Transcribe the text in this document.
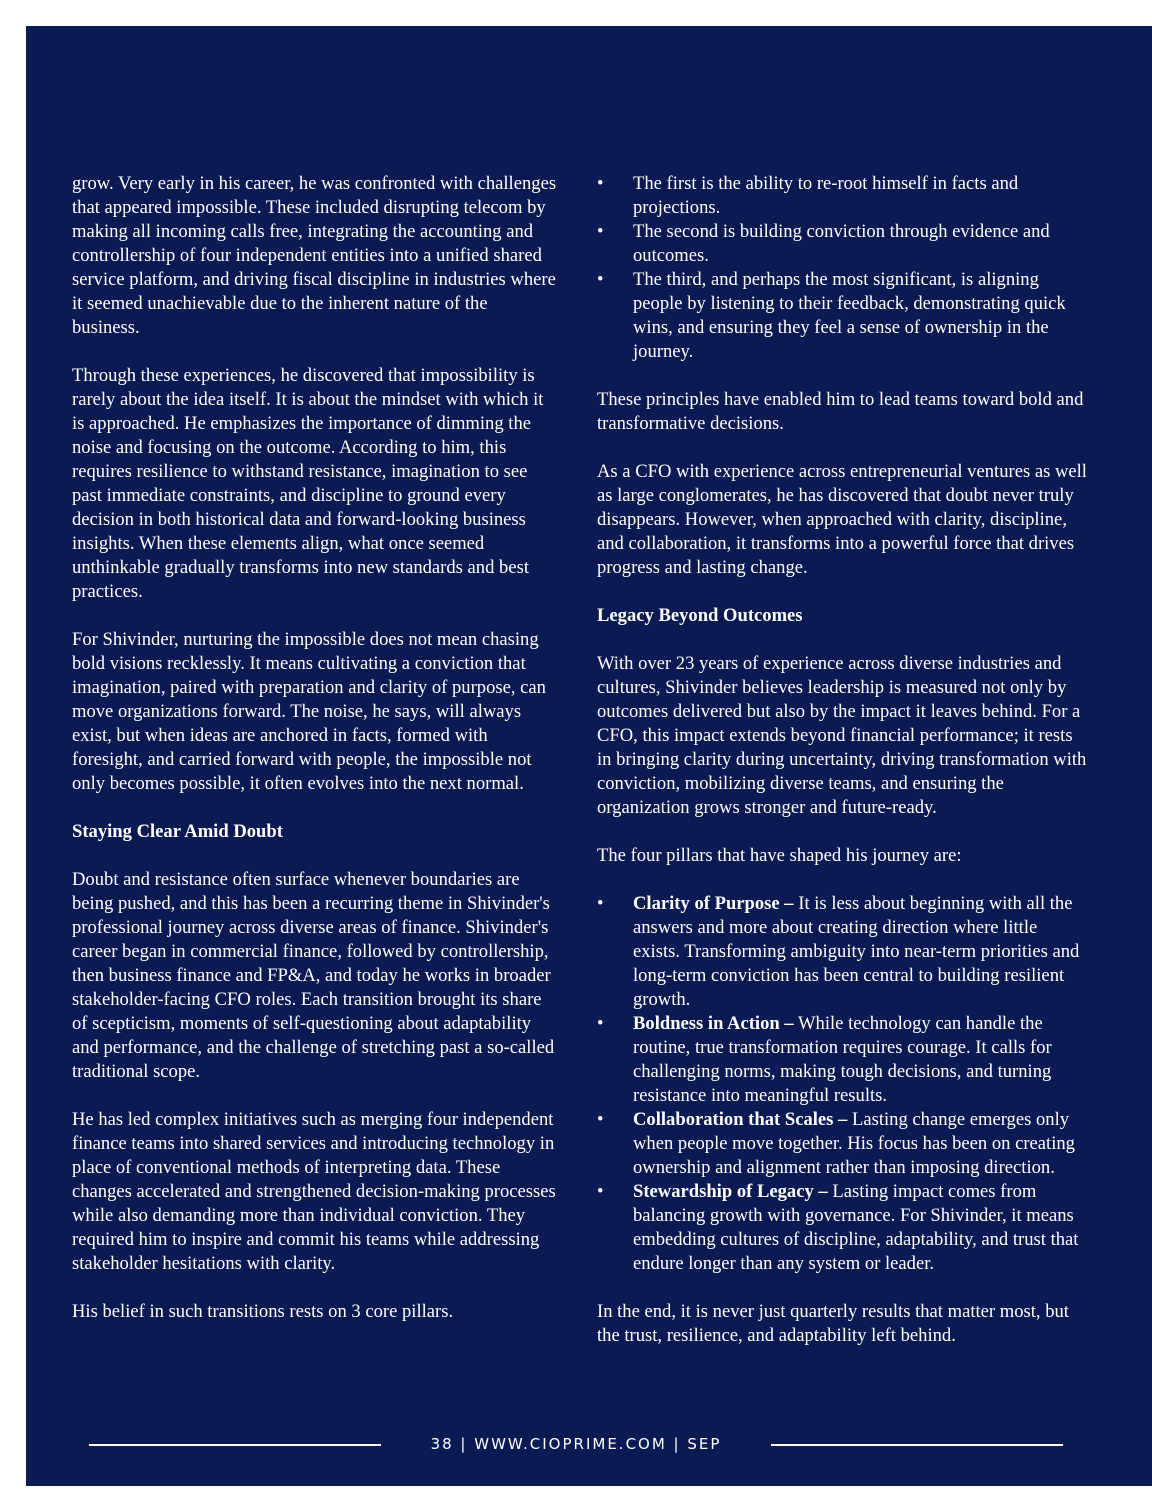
grow. Very early in his career, he was confronted with challenges that appeared impossible. These included disrupting telecom by making all incoming calls free, integrating the accounting and controllership of four independent entities into a unified shared service platform, and driving fiscal discipline in industries where it seemed unachievable due to the inherent nature of the business.

Through these experiences, he discovered that impossibility is rarely about the idea itself. It is about the mindset with which it is approached. He emphasizes the importance of dimming the noise and focusing on the outcome. According to him, this requires resilience to withstand resistance, imagination to see past immediate constraints, and discipline to ground every decision in both historical data and forward-looking business insights. When these elements align, what once seemed unthinkable gradually transforms into new standards and best practices.

For Shivinder, nurturing the impossible does not mean chasing bold visions recklessly. It means cultivating a conviction that imagination, paired with preparation and clarity of purpose, can move organizations forward. The noise, he says, will always exist, but when ideas are anchored in facts, formed with foresight, and carried forward with people, the impossible not only becomes possible, it often evolves into the next normal.

Staying Clear Amid Doubt

Doubt and resistance often surface whenever boundaries are being pushed, and this has been a recurring theme in Shivinder's professional journey across diverse areas of finance. Shivinder's career began in commercial finance, followed by controllership, then business finance and FP&A, and today he works in broader stakeholder-facing CFO roles. Each transition brought its share of scepticism, moments of self-questioning about adaptability and performance, and the challenge of stretching past a so-called traditional scope.

He has led complex initiatives such as merging four independent finance teams into shared services and introducing technology in place of conventional methods of interpreting data. These changes accelerated and strengthened decision-making processes while also demanding more than individual conviction. They required him to inspire and commit his teams while addressing stakeholder hesitations with clarity.

His belief in such transitions rests on 3 core pillars.

• The first is the ability to re-root himself in facts and projections.
• The second is building conviction through evidence and outcomes.
• The third, and perhaps the most significant, is aligning people by listening to their feedback, demonstrating quick wins, and ensuring they feel a sense of ownership in the journey.

These principles have enabled him to lead teams toward bold and transformative decisions.

As a CFO with experience across entrepreneurial ventures as well as large conglomerates, he has discovered that doubt never truly disappears. However, when approached with clarity, discipline, and collaboration, it transforms into a powerful force that drives progress and lasting change.

Legacy Beyond Outcomes

With over 23 years of experience across diverse industries and cultures, Shivinder believes leadership is measured not only by outcomes delivered but also by the impact it leaves behind. For a CFO, this impact extends beyond financial performance; it rests in bringing clarity during uncertainty, driving transformation with conviction, mobilizing diverse teams, and ensuring the organization grows stronger and future-ready.

The four pillars that have shaped his journey are:

• Clarity of Purpose – It is less about beginning with all the answers and more about creating direction where little exists. Transforming ambiguity into near-term priorities and long-term conviction has been central to building resilient growth.
• Boldness in Action – While technology can handle the routine, true transformation requires courage. It calls for challenging norms, making tough decisions, and turning resistance into meaningful results.
• Collaboration that Scales – Lasting change emerges only when people move together. His focus has been on creating ownership and alignment rather than imposing direction.
• Stewardship of Legacy – Lasting impact comes from balancing growth with governance. For Shivinder, it means embedding cultures of discipline, adaptability, and trust that endure longer than any system or leader.

In the end, it is never just quarterly results that matter most, but the trust, resilience, and adaptability left behind.

38 | WWW.CIOPRIME.COM | SEP
